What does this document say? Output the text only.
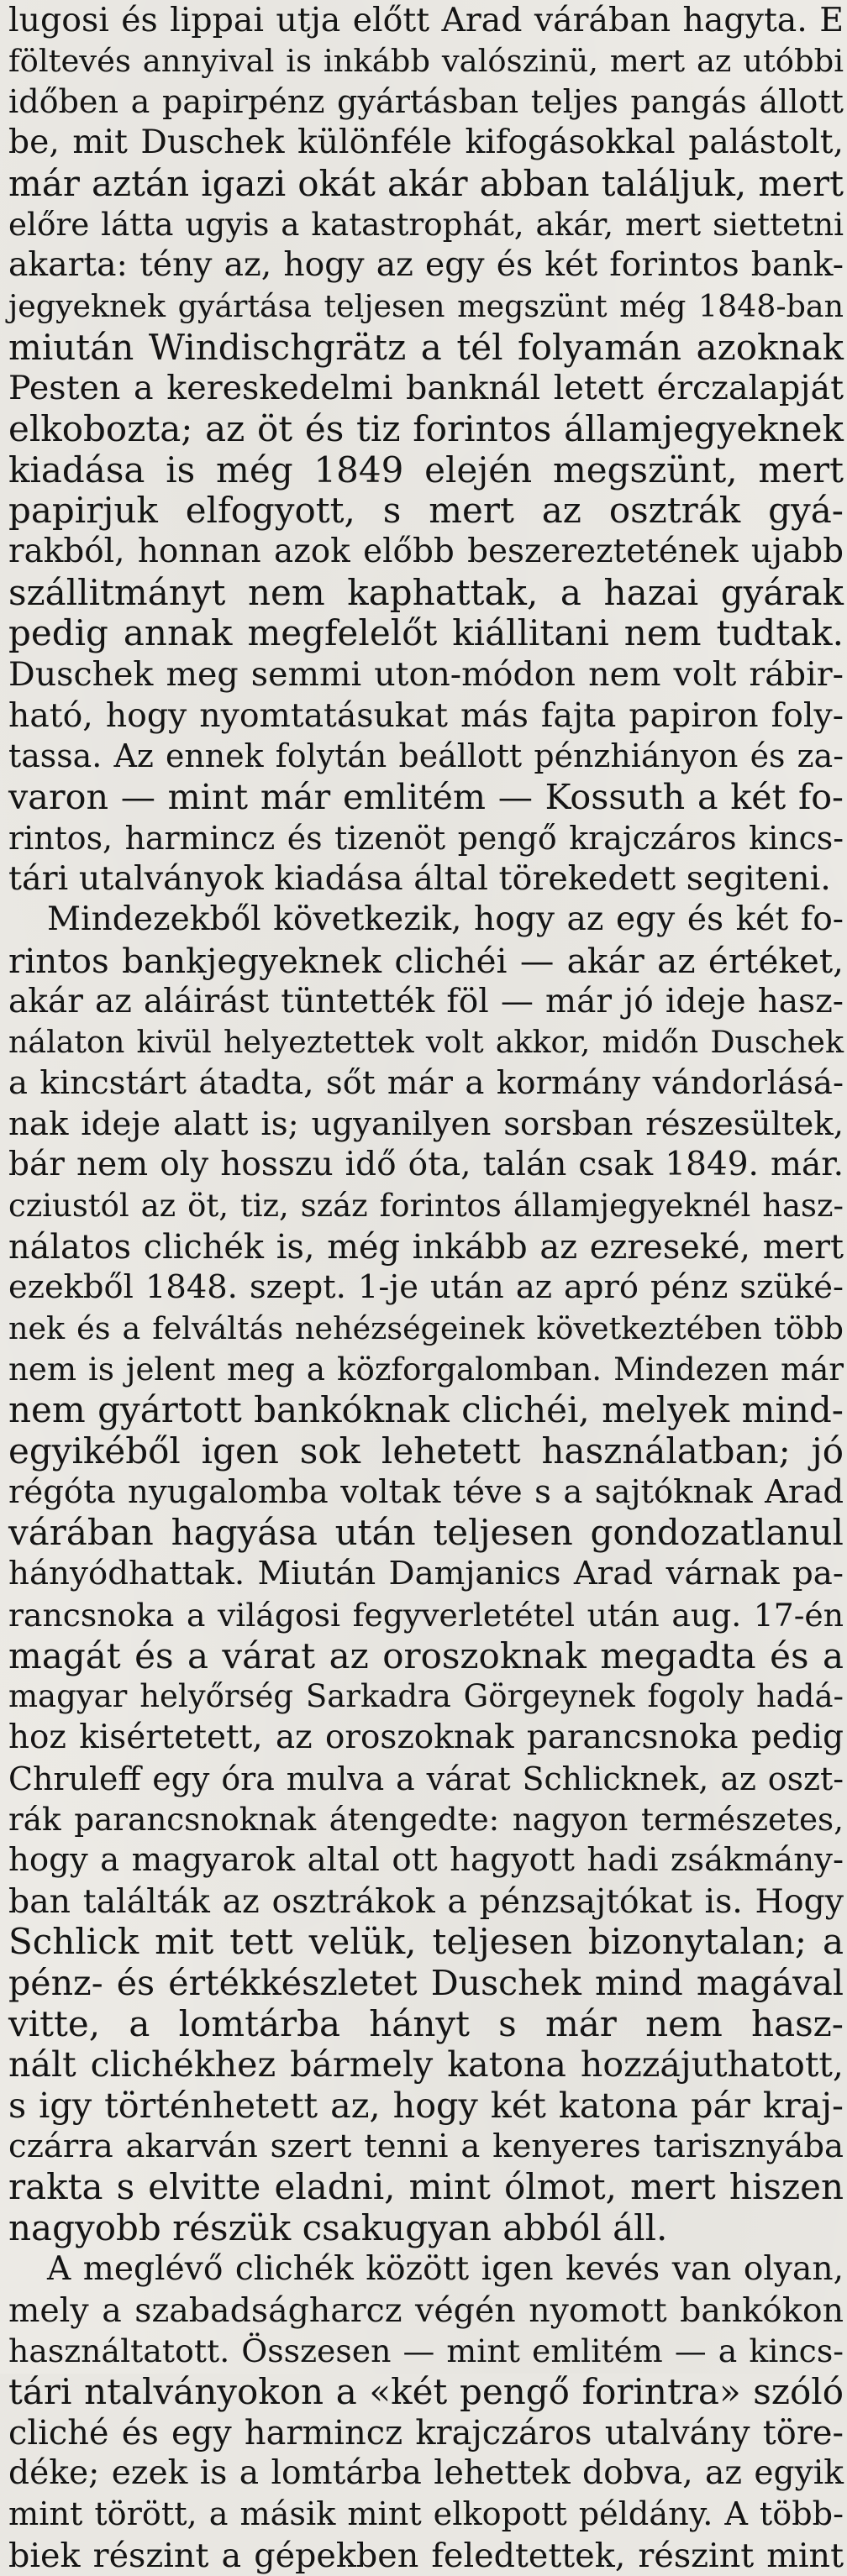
lugosi és lippai utja előtt Arad várában hagyta. E
föltevés annyival is inkább valószinü, mert az utóbbi
időben a papirpénz gyártásban teljes pangás állott
be, mit Duschek különféle kifogásokkal palástolt,
már aztán igazi okát akár abban találjuk, mert
előre látta ugyis a katastrophát, akár, mert siettetni
akarta: tény az, hogy az egy és két forintos bank-
jegyeknek gyártása teljesen megszünt még 1848-ban
miután Windischgrätz a tél folyamán azoknak
Pesten a kereskedelmi banknál letett érczalapját
elkobozta; az öt és tiz forintos államjegyeknek
kiadása is még 1849 elején megszünt, mert
papirjuk elfogyott, s mert az osztrák gyá-
rakból, honnan azok előbb beszereztetének ujabb
szállitmányt nem kaphattak, a hazai gyárak
pedig annak megfelelőt kiállitani nem tudtak.
Duschek meg semmi uton-módon nem volt rábir-
ható, hogy nyomtatásukat más fajta papiron foly-
tassa. Az ennek folytán beállott pénzhiányon és za-
varon — mint már emlitém — Kossuth a két fo-
rintos, harmincz és tizenöt pengő krajczáros kincs-
tári utalványok kiadása által törekedett segiteni.
Mindezekből következik, hogy az egy és két fo-
rintos bankjegyeknek clichéi — akár az értéket,
akár az aláirást tüntették föl — már jó ideje hasz-
nálaton kivül helyeztettek volt akkor, midőn Duschek
a kincstárt átadta, sőt már a kormány vándorlásá-
nak ideje alatt is; ugyanilyen sorsban részesültek,
bár nem oly hosszu idő óta, talán csak 1849. már.
cziustól az öt, tiz, száz forintos államjegyeknél hasz-
nálatos clichék is, még inkább az ezreseké, mert
ezekből 1848. szept. 1-je után az apró pénz szüké-
nek és a felváltás nehézségeinek következtében több
nem is jelent meg a közforgalomban. Mindezen már
nem gyártott bankóknak clichéi, melyek mind-
egyikéből igen sok lehetett használatban; jó
régóta nyugalomba voltak téve s a sajtóknak Arad
várában hagyása után teljesen gondozatlanul
hányódhattak. Miután Damjanics Arad várnak pa-
rancsnoka a világosi fegyverletétel után aug. 17-én
magát és a várat az oroszoknak megadta és a
magyar helyőrség Sarkadra Görgeynek fogoly hadá-
hoz kisértetett, az oroszoknak parancsnoka pedig
Chruleff egy óra mulva a várat Schlicknek, az oszt-
rák parancsnoknak átengedte: nagyon természetes,
hogy a magyarok altal ott hagyott hadi zsákmány-
ban találták az osztrákok a pénzsajtókat is. Hogy
Schlick mit tett velük, teljesen bizonytalan; a
pénz- és értékkészletet Duschek mind magával
vitte, a lomtárba hányt s már nem hasz-
nált clichékhez bármely katona hozzájuthatott,
s igy történhetett az, hogy két katona pár kraj-
czárra akarván szert tenni a kenyeres tarisznyába
rakta s elvitte eladni, mint ólmot, mert hiszen
nagyobb részük csakugyan abból áll.
A meglévő clichék között igen kevés van olyan,
mely a szabadságharcz végén nyomott bankókon
használtatott. Összesen — mint emlitém — a kincs-
tári ntalványokon a «két pengő forintra» szóló
cliché és egy harmincz krajczáros utalvány töre-
déke; ezek is a lomtárba lehettek dobva, az egyik
mint törött, a másik mint elkopott példány. A több-
biek részint a gépekben feledtettek, részint mint
